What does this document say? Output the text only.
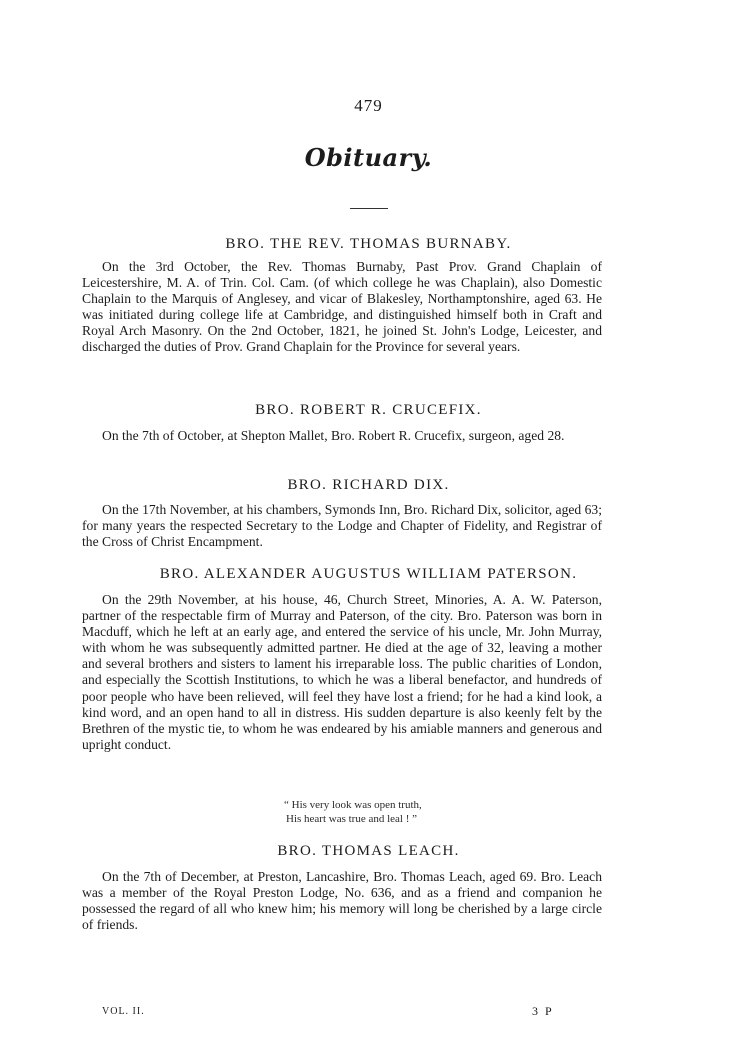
479
Obituary.
BRO. THE REV. THOMAS BURNABY.
On the 3rd October, the Rev. Thomas Burnaby, Past Prov. Grand Chaplain of Leicestershire, M. A. of Trin. Col. Cam. (of which college he was Chaplain), also Domestic Chaplain to the Marquis of Anglesey, and vicar of Blakesley, Northamptonshire, aged 63. He was initiated during college life at Cambridge, and distinguished himself both in Craft and Royal Arch Masonry. On the 2nd October, 1821, he joined St. John's Lodge, Leicester, and discharged the duties of Prov. Grand Chaplain for the Province for several years.
BRO. ROBERT R. CRUCEFIX.
On the 7th of October, at Shepton Mallet, Bro. Robert R. Crucefix, surgeon, aged 28.
BRO. RICHARD DIX.
On the 17th November, at his chambers, Symonds Inn, Bro. Richard Dix, solicitor, aged 63; for many years the respected Secretary to the Lodge and Chapter of Fidelity, and Registrar of the Cross of Christ Encampment.
BRO. ALEXANDER AUGUSTUS WILLIAM PATERSON.
On the 29th November, at his house, 46, Church Street, Minories, A. A. W. Paterson, partner of the respectable firm of Murray and Paterson, of the city. Bro. Paterson was born in Macduff, which he left at an early age, and entered the service of his uncle, Mr. John Murray, with whom he was subsequently admitted partner. He died at the age of 32, leaving a mother and several brothers and sisters to lament his irreparable loss. The public charities of London, and especially the Scottish Institutions, to which he was a liberal benefactor, and hundreds of poor people who have been relieved, will feel they have lost a friend; for he had a kind look, a kind word, and an open hand to all in distress. His sudden departure is also keenly felt by the Brethren of the mystic tie, to whom he was endeared by his amiable manners and generous and upright conduct.
“ His very look was open truth,
His heart was true and leal ! ”
BRO. THOMAS LEACH.
On the 7th of December, at Preston, Lancashire, Bro. Thomas Leach, aged 69. Bro. Leach was a member of the Royal Preston Lodge, No. 636, and as a friend and companion he possessed the regard of all who knew him; his memory will long be cherished by a large circle of friends.
VOL. II.	3 P
